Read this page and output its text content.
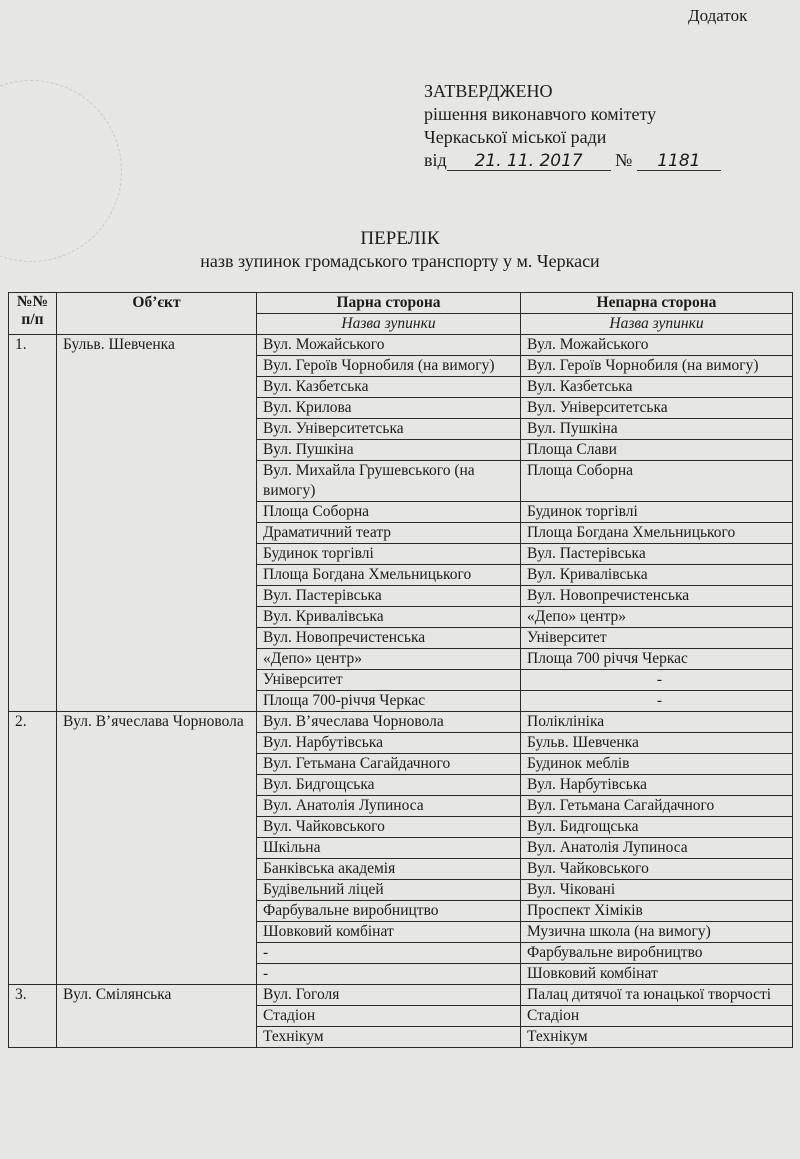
Додаток
ЗАТВЕРДЖЕНО
рішення виконавчого комітету
Черкаської міської ради
від 21. 11. 2017 № 1181
ПЕРЕЛІК
назв зупинок громадського транспорту у м. Черкаси
№№ п/п	Об’єкт	Парна сторона	Непарна сторона
		Назва зупинки	Назва зупинки
1.	Бульв. Шевченка	Вул. Можайського	Вул. Можайського
		Вул. Героїв Чорнобиля (на вимогу)	Вул. Героїв Чорнобиля (на вимогу)
		Вул. Казбетська	Вул. Казбетська
		Вул. Крилова	Вул. Університетська
		Вул. Університетська	Вул. Пушкіна
		Вул. Пушкіна	Площа Слави
		Вул. Михайла Грушевського (на вимогу)	Площа Соборна
		Площа Соборна	Будинок торгівлі
		Драматичний театр	Площа Богдана Хмельницького
		Будинок торгівлі	Вул. Пастерівська
		Площа Богдана Хмельницького	Вул. Кривалівська
		Вул. Пастерівська	Вул. Новопречистенська
		Вул. Кривалівська	«Депо» центр»
		Вул. Новопречистенська	Університет
		«Депо» центр»	Площа 700 річчя Черкас
		Університет	-
		Площа 700-річчя Черкас	-
2.	Вул. В’ячеслава Чорновола	Вул. В’ячеслава Чорновола	Поліклініка
		Вул. Нарбутівська	Бульв. Шевченка
		Вул. Гетьмана Сагайдачного	Будинок меблів
		Вул. Бидгощська	Вул. Нарбутівська
		Вул. Анатолія Лупиноса	Вул. Гетьмана Сагайдачного
		Вул. Чайковського	Вул. Бидгощська
		Шкільна	Вул. Анатолія Лупиноса
		Банківська академія	Вул. Чайковського
		Будівельний ліцей	Вул. Чіковані
		Фарбувальне виробництво	Проспект Хіміків
		Шовковий комбінат	Музична школа (на вимогу)
		-	Фарбувальне виробництво
		-	Шовковий комбінат
3.	Вул. Смілянська	Вул. Гоголя	Палац дитячої та юнацької творчості
		Стадіон	Стадіон
		Технікум	Технікум
